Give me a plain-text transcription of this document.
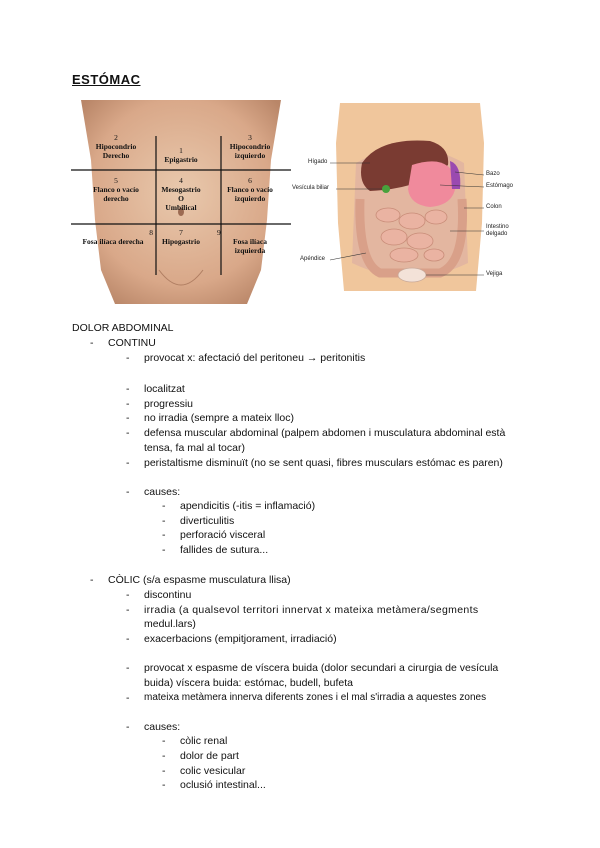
ESTÓMAC
2
Hipocondrio
Derecho
1
Epigastrio
3
Hipocondrio
izquierdo
5
Flanco o vacío
derecho
4
Mesogastrio
O
Umbilical
6
Flanco o vacío
izquierdo
8
Fosa ilíaca derecha
7
Hipogastrio
9
Fosa ilíaca
izquierda
Hígado
Vesícula biliar
Apéndice
Bazo
Estómago
Colon
Intestino
delgado
Vejiga
DOLOR ABDOMINAL
- CONTINU
- provocat x: afectació del peritoneu → peritonitis
- localitzat
- progressiu
- no irradia (sempre a mateix lloc)
- defensa muscular abdominal (palpem abdomen i musculatura abdominal està
tensa, fa mal al tocar)
- peristaltisme disminuït (no se sent quasi, fibres musculars estómac es paren)
- causes:
- apendicitis (-itis = inflamació)
- diverticulitis
- perforació visceral
- fallides de sutura...
- CÒLIC (s/a espasme musculatura llisa)
- discontinu
- irradia (a qualsevol territori innervat x mateixa metàmera/segments
medul.lars)
- exacerbacions (empitjorament, irradiació)
- provocat x espasme de víscera buida (dolor secundari a cirurgia de vesícula
buida) víscera buida: estómac, budell, bufeta
- mateixa metàmera innerva diferents zones i el mal s'irradia a aquestes zones
- causes:
- còlic renal
- dolor de part
- colic vesicular
- oclusió intestinal...
